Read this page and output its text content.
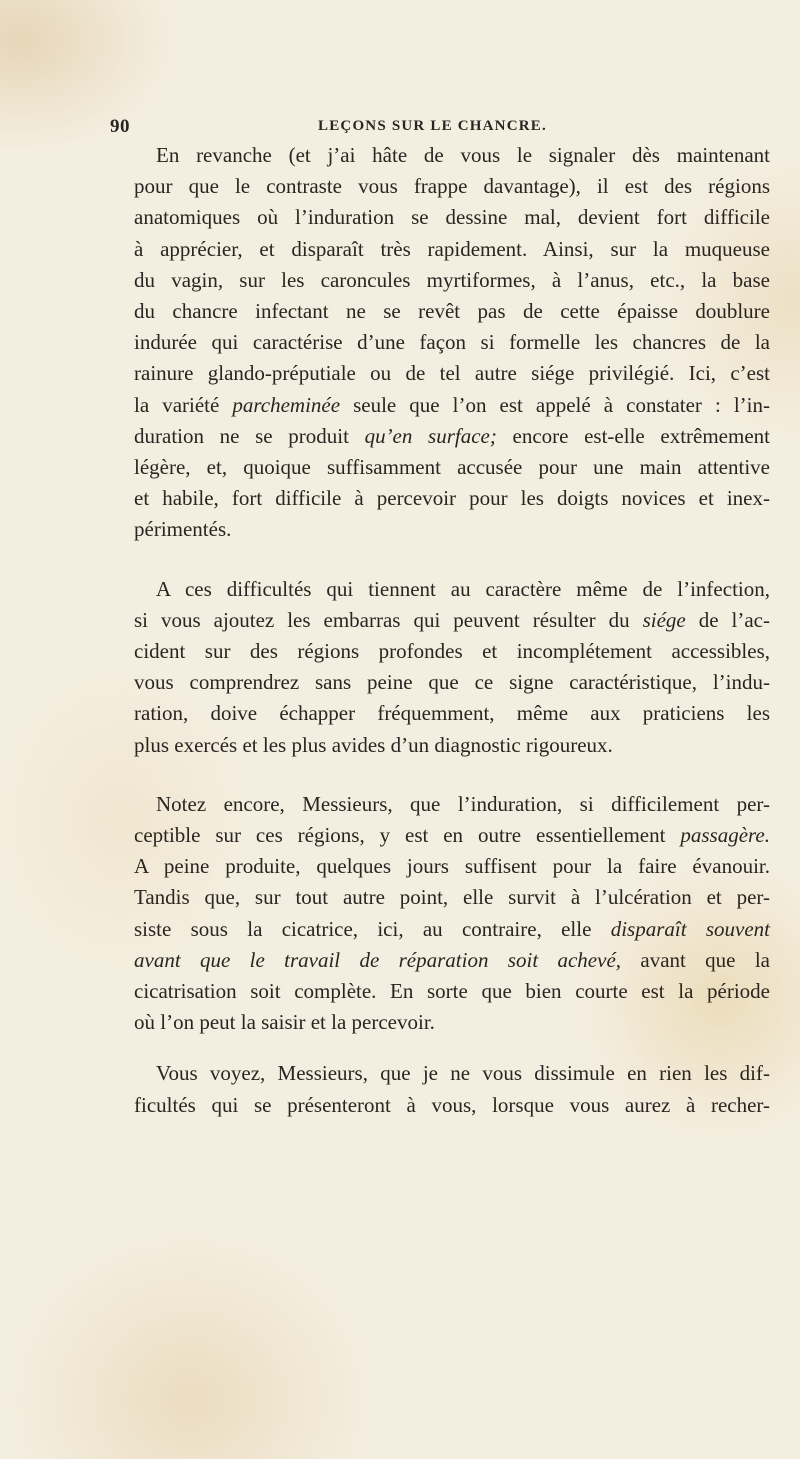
90	LEÇONS SUR LE CHANCRE.
En revanche (et j’ai hâte de vous le signaler dès maintenant
pour que le contraste vous frappe davantage), il est des régions
anatomiques où l’induration se dessine mal, devient fort difficile
à apprécier, et disparaît très rapidement. Ainsi, sur la muqueuse
du vagin, sur les caroncules myrtiformes, à l’anus, etc., la base
du chancre infectant ne se revêt pas de cette épaisse doublure
indurée qui caractérise d’une façon si formelle les chancres de la
rainure glando-préputiale ou de tel autre siége privilégié. Ici, c’est
la variété parcheminée seule que l’on est appelé à constater : l’in-
duration ne se produit qu’en surface; encore est-elle extrêmement
légère, et, quoique suffisamment accusée pour une main attentive
et habile, fort difficile à percevoir pour les doigts novices et inex-
périmentés.
A ces difficultés qui tiennent au caractère même de l’infection,
si vous ajoutez les embarras qui peuvent résulter du siége de l’ac-
cident sur des régions profondes et incomplétement accessibles,
vous comprendrez sans peine que ce signe caractéristique, l’indu-
ration, doive échapper fréquemment, même aux praticiens les
plus exercés et les plus avides d’un diagnostic rigoureux.
Notez encore, Messieurs, que l’induration, si difficilement per-
ceptible sur ces régions, y est en outre essentiellement passagère.
A peine produite, quelques jours suffisent pour la faire évanouir.
Tandis que, sur tout autre point, elle survit à l’ulcération et per-
siste sous la cicatrice, ici, au contraire, elle disparaît souvent
avant que le travail de réparation soit achevé, avant que la
cicatrisation soit complète. En sorte que bien courte est la période
où l’on peut la saisir et la percevoir.
Vous voyez, Messieurs, que je ne vous dissimule en rien les dif-
ficultés qui se présenteront à vous, lorsque vous aurez à recher-
